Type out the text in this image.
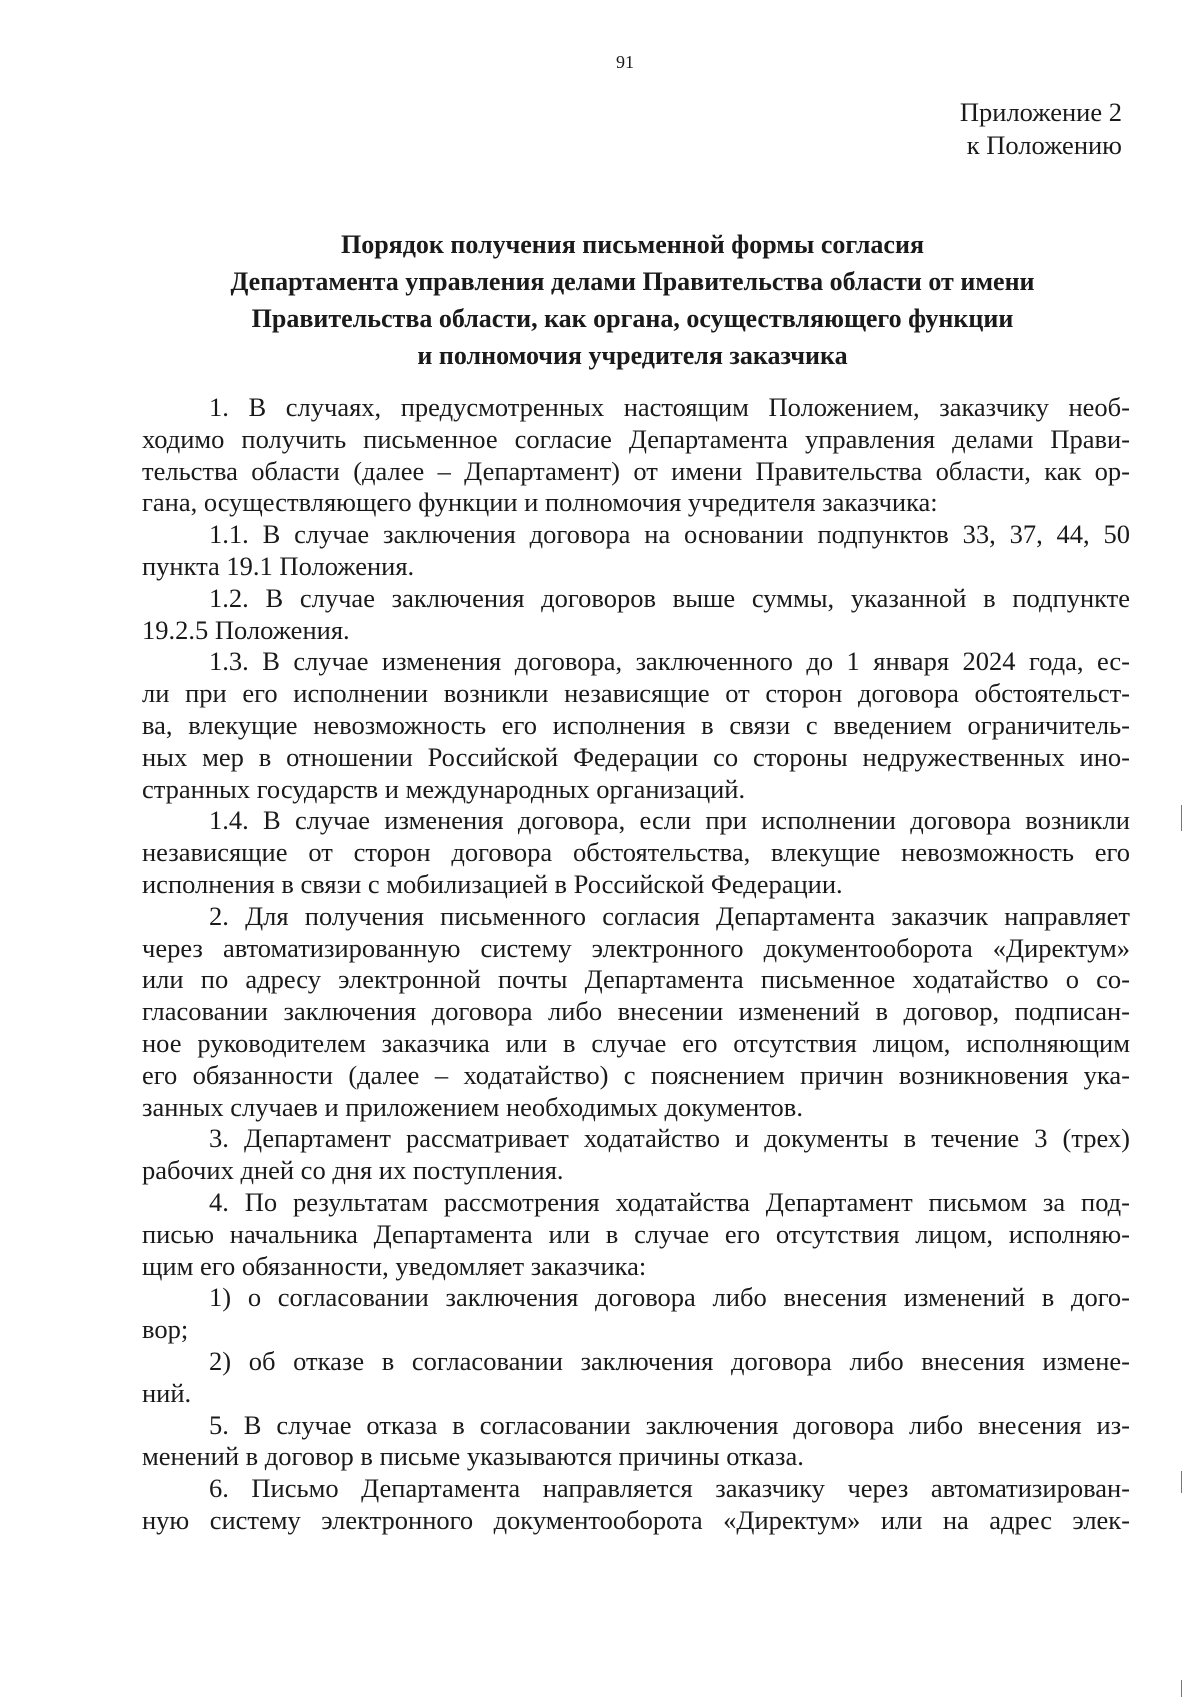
91
Приложение 2
к Положению
Порядок получения письменной формы согласия
Департамента управления делами Правительства области от имени
Правительства области, как органа, осуществляющего функции
и полномочия учредителя заказчика
1. В случаях, предусмотренных настоящим Положением, заказчику необ-
ходимо получить письменное согласие Департамента управления делами Прави-
тельства области (далее – Департамент) от имени Правительства области, как ор-
гана, осуществляющего функции и полномочия учредителя заказчика:
1.1. В случае заключения договора на основании подпунктов 33, 37, 44, 50
пункта 19.1 Положения.
1.2. В случае заключения договоров выше суммы, указанной в подпункте
19.2.5 Положения.
1.3. В случае изменения договора, заключенного до 1 января 2024 года, ес-
ли при его исполнении возникли независящие от сторон договора обстоятельст-
ва, влекущие невозможность его исполнения в связи с введением ограничитель-
ных мер в отношении Российской Федерации со стороны недружественных ино-
странных государств и международных организаций.
1.4. В случае изменения договора, если при исполнении договора возникли
независящие от сторон договора обстоятельства, влекущие невозможность его
исполнения в связи с мобилизацией в Российской Федерации.
2. Для получения письменного согласия Департамента заказчик направляет
через автоматизированную систему электронного документооборота «Директум»
или по адресу электронной почты Департамента письменное ходатайство о со-
гласовании заключения договора либо внесении изменений в договор, подписан-
ное руководителем заказчика или в случае его отсутствия лицом, исполняющим
его обязанности (далее – ходатайство) с пояснением причин возникновения ука-
занных случаев и приложением необходимых документов.
3. Департамент рассматривает ходатайство и документы в течение 3 (трех)
рабочих дней со дня их поступления.
4. По результатам рассмотрения ходатайства Департамент письмом за под-
писью начальника Департамента или в случае его отсутствия лицом, исполняю-
щим его обязанности, уведомляет заказчика:
1) о согласовании заключения договора либо внесения изменений в дого-
вор;
2) об отказе в согласовании заключения договора либо внесения измене-
ний.
5. В случае отказа в согласовании заключения договора либо внесения из-
менений в договор в письме указываются причины отказа.
6. Письмо Департамента направляется заказчику через автоматизирован-
ную систему электронного документооборота «Директум» или на адрес элек-
